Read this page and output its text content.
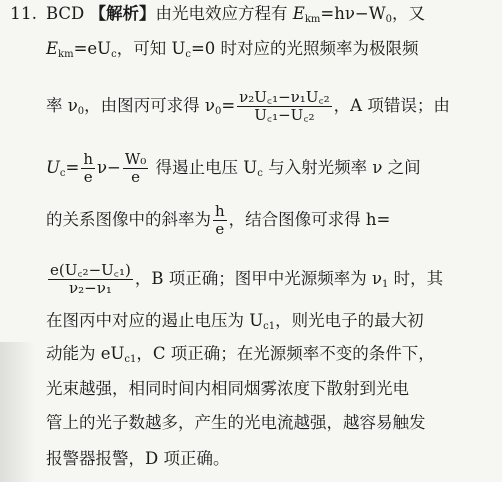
11. BCD 【解析】由光电效应方程有 $E_{km}=h\nu-W_0$，又
$E_{km}=eU_c$，可知 $U_c=0$ 时对应的光照频率为极限频
率 $\nu_0$，由图丙可求得 $\nu_0= \frac{\text{ν₂U꜀₁−ν₁U꜀₂}}{\text{U꜀₁−U꜀₂}}$ ，A 项错误；由
$U_c= \frac{h}{e} \nu- \frac{\text{W₀}}{e}$ 得遏止电压 $U_c$ 与入射光频率 ν 之间
的关系图像中的斜率为 $\frac{h}{e}$ ，结合图像可求得 h=
$\frac{\text{e(U꜀₂−U꜀₁)}}{\text{ν₂−ν₁}}$ ，B 项正确；图甲中光源频率为 $\nu_1$ 时，其
在图丙中对应的遏止电压为 $U_{c1}$，则光电子的最大初
动能为 $eU_{c1}$，C 项正确；在光源频率不变的条件下，
光束越强，相同时间内相同烟雾浓度下散射到光电
管上的光子数越多，产生的光电流越强，越容易触发
报警器报警，D 项正确。
